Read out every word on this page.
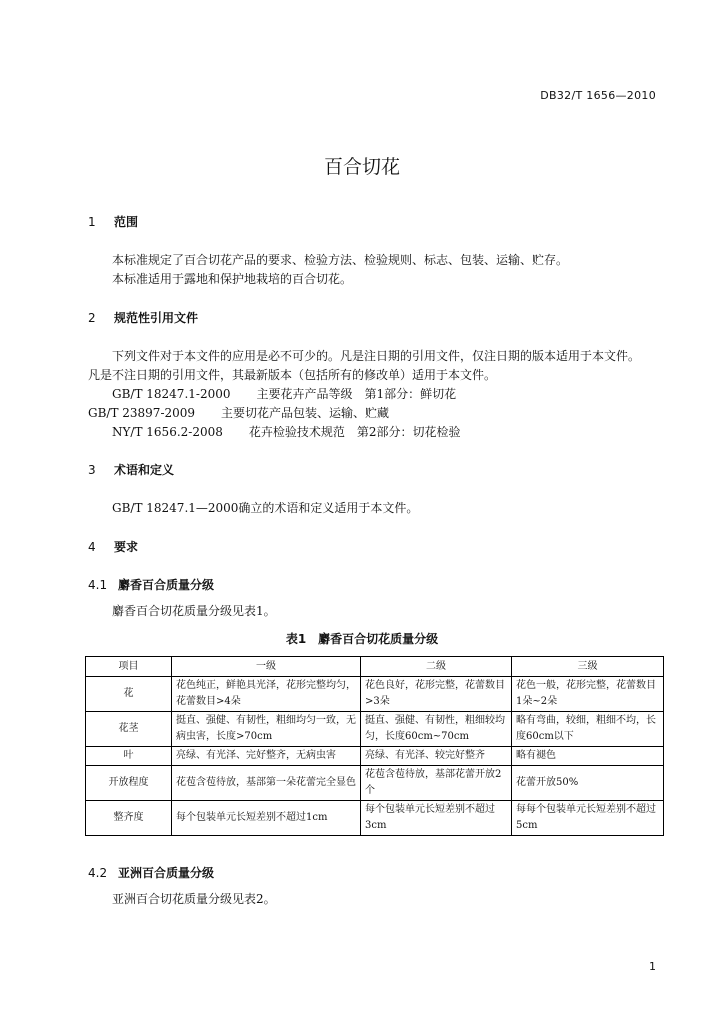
DB32/T 1656—2010
百合切花
1 范围
本标准规定了百合切花产品的要求、检验方法、检验规则、标志、包装、运输、贮存。
本标准适用于露地和保护地栽培的百合切花。
2 规范性引用文件
下列文件对于本文件的应用是必不可少的。凡是注日期的引用文件，仅注日期的版本适用于本文件。
凡是不注日期的引用文件，其最新版本（包括所有的修改单）适用于本文件。
GB/T 18247.1-2000 主要花卉产品等级　第1部分：鲜切花
GB/T 23897-2009 主要切花产品包装、运输、贮藏
NY/T 1656.2-2008 花卉检验技术规范　第2部分：切花检验
3 术语和定义
GB/T 18247.1—2000确立的术语和定义适用于本文件。
4 要求
4.1 麝香百合质量分级
麝香百合切花质量分级见表1。
表1　麝香百合切花质量分级
项目	一级	二级	三级
花	花色纯正，鲜艳具光泽，花形完整均匀，花蕾数目>4朵	花色良好，花形完整，花蕾数目>3朵	花色一般，花形完整，花蕾数目1朵~2朵
花茎	挺直、强健、有韧性，粗细均匀一致，无病虫害，长度>70cm	挺直、强健、有韧性，粗细较均匀，长度60cm~70cm	略有弯曲，较细，粗细不均，长度60cm以下
叶	亮绿、有光泽、完好整齐，无病虫害	亮绿、有光泽、较完好整齐	略有褪色
开放程度	花苞含苞待放，基部第一朵花蕾完全显色	花苞含苞待放，基部花蕾开放2个	花蕾开放50%
整齐度	每个包装单元长短差别不超过1cm	每个包装单元长短差别不超过3cm	每每个包装单元长短差别不超过5cm
4.2 亚洲百合质量分级
亚洲百合切花质量分级见表2。
1
